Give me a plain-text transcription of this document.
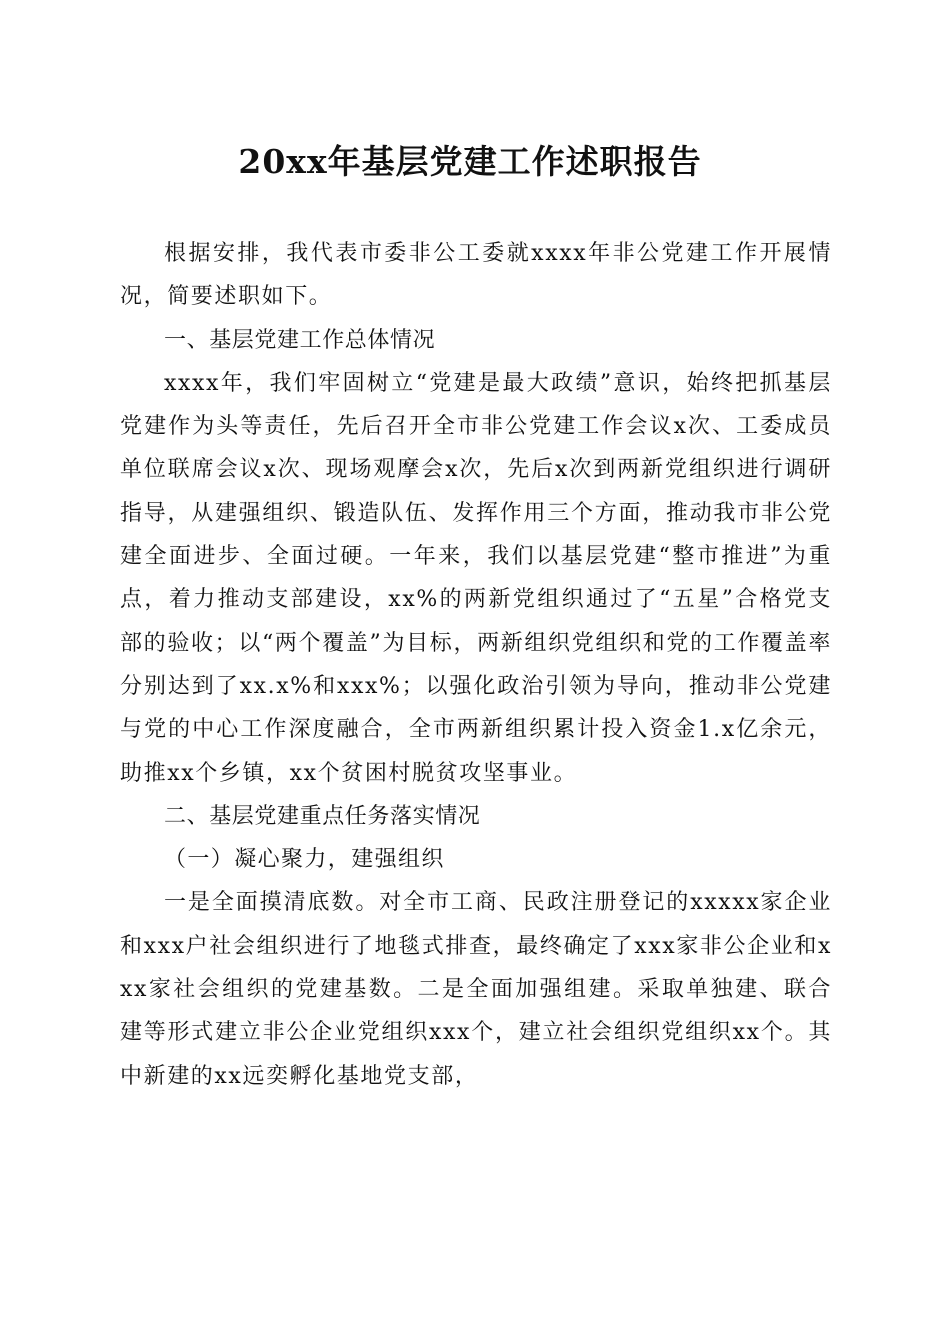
20xx年基层党建工作述职报告

根据安排，我代表市委非公工委就xxxx年非公党建工作开展情况，简要述职如下。

一、基层党建工作总体情况

xxxx年，我们牢固树立“党建是最大政绩”意识，始终把抓基层党建作为头等责任，先后召开全市非公党建工作会议x次、工委成员单位联席会议x次、现场观摩会x次，先后x次到两新党组织进行调研指导，从建强组织、锻造队伍、发挥作用三个方面，推动我市非公党建全面进步、全面过硬。一年来，我们以基层党建“整市推进”为重点，着力推动支部建设，xx%的两新党组织通过了“五星”合格党支部的验收；以“两个覆盖”为目标，两新组织党组织和党的工作覆盖率分别达到了xx.x%和xxx%；以强化政治引领为导向，推动非公党建与党的中心工作深度融合，全市两新组织累计投入资金1.x亿余元，助推xx个乡镇，xx个贫困村脱贫攻坚事业。

二、基层党建重点任务落实情况

（一）凝心聚力，建强组织

一是全面摸清底数。对全市工商、民政注册登记的xxxxx家企业和xxx户社会组织进行了地毯式排查，最终确定了xxx家非公企业和xxx家社会组织的党建基数。二是全面加强组建。采取单独建、联合建等形式建立非公企业党组织xxx个，建立社会组织党组织xx个。其中新建的xx远奕孵化基地党支部，
